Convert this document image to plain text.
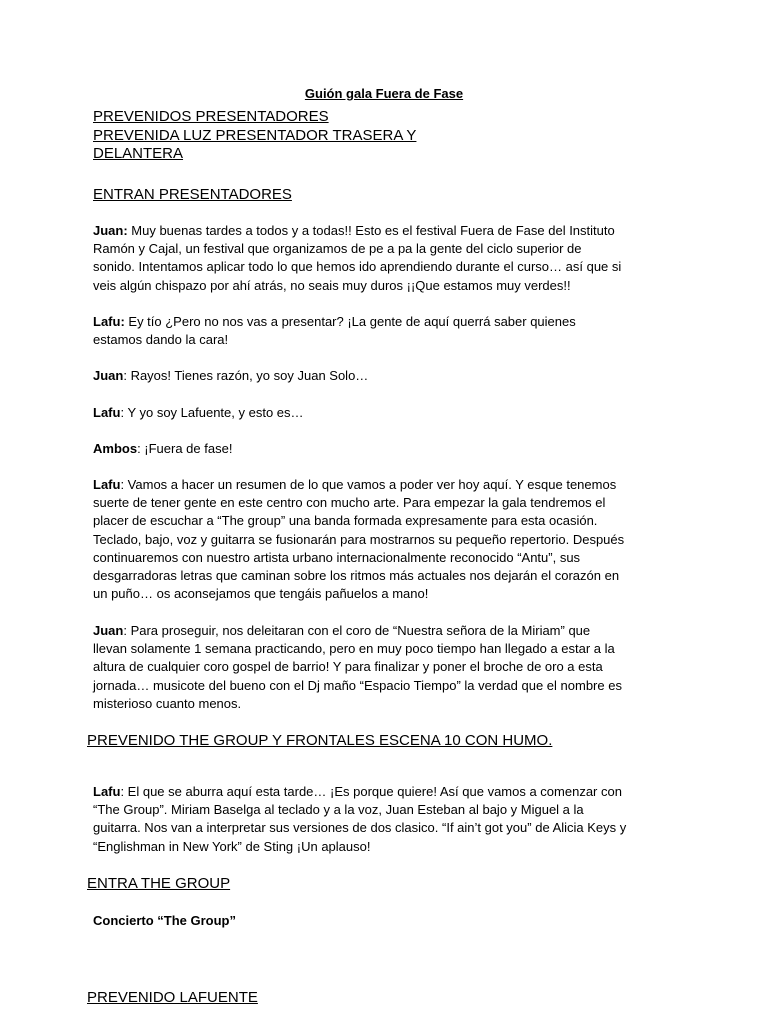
Guión gala Fuera de Fase
PREVENIDOS PRESENTADORES
PREVENIDA LUZ PRESENTADOR TRASERA Y
DELANTERA
ENTRAN PRESENTADORES
Juan: Muy buenas tardes a todos y a todas!! Esto es el festival Fuera de Fase del Instituto
Ramón y Cajal, un festival que organizamos de pe a pa la gente del ciclo superior de
sonido. Intentamos aplicar todo lo que hemos ido aprendiendo durante el curso… así que si
veis algún chispazo por ahí atrás, no seais muy duros ¡¡Que estamos muy verdes!!
Lafu: Ey tío ¿Pero no nos vas a presentar? ¡La gente de aquí querrá saber quienes
estamos dando la cara!
Juan: Rayos! Tienes razón, yo soy Juan Solo…
Lafu: Y yo soy Lafuente, y esto es…
Ambos: ¡Fuera de fase!
Lafu: Vamos a hacer un resumen de lo que vamos a poder ver hoy aquí. Y esque tenemos
suerte de tener gente en este centro con mucho arte. Para empezar la gala tendremos el
placer de escuchar a “The group” una banda formada expresamente para esta ocasión.
Teclado, bajo, voz y guitarra se fusionarán para mostrarnos su pequeño repertorio. Después
continuaremos con nuestro artista urbano internacionalmente reconocido “Antu”, sus
desgarradoras letras que caminan sobre los ritmos más actuales nos dejarán el corazón en
un puño… os aconsejamos que tengáis pañuelos a mano!
Juan: Para proseguir, nos deleitaran con el coro de “Nuestra señora de la Miriam” que
llevan solamente 1 semana practicando, pero en muy poco tiempo han llegado a estar a la
altura de cualquier coro gospel de barrio! Y para finalizar y poner el broche de oro a esta
jornada… musicote del bueno con el Dj maño “Espacio Tiempo” la verdad que el nombre es
misterioso cuanto menos.
PREVENIDO THE GROUP Y FRONTALES ESCENA 10 CON HUMO.
Lafu: El que se aburra aquí esta tarde… ¡Es porque quiere! Así que vamos a comenzar con
“The Group”. Miriam Baselga al teclado y a la voz, Juan Esteban al bajo y Miguel a la
guitarra. Nos van a interpretar sus versiones de dos clasico. “If ain’t got you” de Alicia Keys y
“Englishman in New York” de Sting ¡Un aplauso!
ENTRA THE GROUP
Concierto “The Group”
PREVENIDO LAFUENTE
